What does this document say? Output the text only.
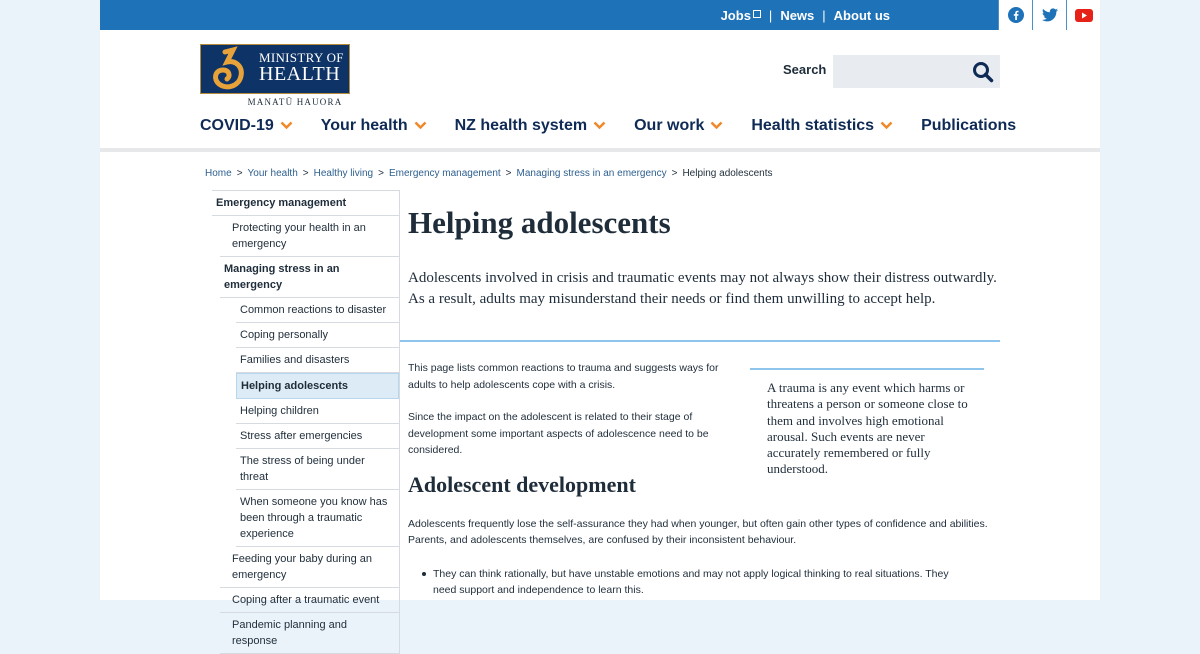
Jobs | News | About us
MINISTRY OF
HEALTH
MANATŪ HAUORA
Search
COVID-19	Your health	NZ health system	Our work	Health statistics	Publications
Home > Your health > Healthy living > Emergency management > Managing stress in an emergency > Helping adolescents
Emergency management
Protecting your health in an emergency
Managing stress in an emergency
Common reactions to disaster
Coping personally
Families and disasters
Helping adolescents
Helping children
Stress after emergencies
The stress of being under threat
When someone you know has been through a traumatic experience
Feeding your baby during an emergency
Coping after a traumatic event
Pandemic planning and response
Helping adolescents

Adolescents involved in crisis and traumatic events may not always show their distress outwardly. As a result, adults may misunderstand their needs or find them unwilling to accept help.

This page lists common reactions to trauma and suggests ways for adults to help adolescents cope with a crisis.

Since the impact on the adolescent is related to their stage of development some important aspects of adolescence need to be considered.

A trauma is any event which harms or threatens a person or someone close to them and involves high emotional arousal. Such events are never accurately remembered or fully understood.
Adolescent development

Adolescents frequently lose the self-assurance they had when younger, but often gain other types of confidence and abilities. Parents, and adolescents themselves, are confused by their inconsistent behaviour.

They can think rationally, but have unstable emotions and may not apply logical thinking to real situations. They need support and independence to learn this.
